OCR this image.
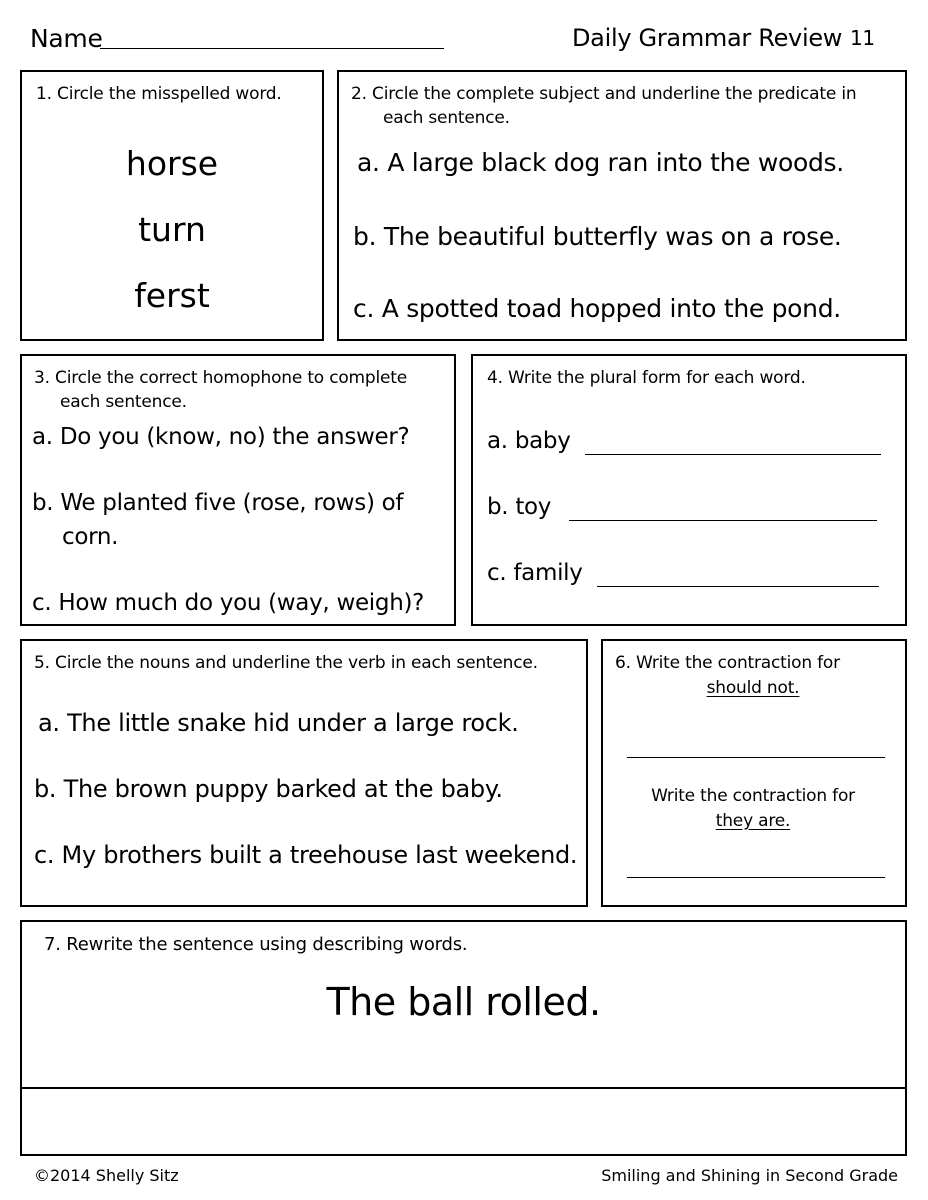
Name	Daily Grammar Review 11
1. Circle the misspelled word.
horse
turn
ferst
2. Circle the complete subject and underline the predicate in
each sentence.
a. A large black dog ran into the woods.
b. The beautiful butterfly was on a rose.
c. A spotted toad hopped into the pond.
3. Circle the correct homophone to complete
each sentence.
a. Do you (know, no) the answer?
b. We planted five (rose, rows) of
corn.
c. How much do you (way, weigh)?
4. Write the plural form for each word.
a. baby
b. toy
c. family
5. Circle the nouns and underline the verb in each sentence.
a. The little snake hid under a large rock.
b. The brown puppy barked at the baby.
c. My brothers built a treehouse last weekend.
6. Write the contraction for
should not.
Write the contraction for
they are.
7. Rewrite the sentence using describing words.
The ball rolled.
©2014 Shelly Sitz	Smiling and Shining in Second Grade
